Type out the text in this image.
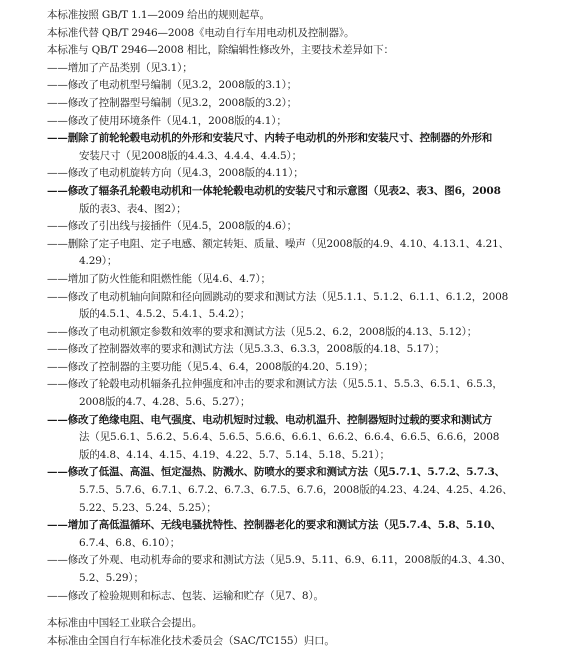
本标准按照 GB/T 1.1—2009 给出的规则起草。
本标准代替 QB/T 2946—2008《电动自行车用电动机及控制器》。
本标准与 QB/T 2946—2008 相比，除编辑性修改外，主要技术差异如下：
——增加了产品类别（见3.1）；
——修改了电动机型号编制（见3.2，2008版的3.1）；
——修改了控制器型号编制（见3.2，2008版的3.2）；
——修改了使用环境条件（见4.1，2008版的4.1）；
——删除了前轮轮毂电动机的外形和安装尺寸、内转子电动机的外形和安装尺寸、控制器的外形和
安装尺寸（见2008版的4.4.3、4.4.4、4.4.5）；
——修改了电动机旋转方向（见4.3，2008版的4.11）；
——修改了辐条孔轮毂电动机和一体轮轮毂电动机的安装尺寸和示意图（见表2、表3、图6，2008
版的表3、表4、图2）；
——修改了引出线与接插件（见4.5，2008版的4.6）；
——删除了定子电阻、定子电感、额定转矩、质量、噪声（见2008版的4.9、4.10、4.13.1、4.21、
4.29）；
——增加了防火性能和阻燃性能（见4.6、4.7）；
——修改了电动机轴向间隙和径向圆跳动的要求和测试方法（见5.1.1、5.1.2、6.1.1、6.1.2，2008
版的4.5.1、4.5.2、5.4.1、5.4.2）；
——修改了电动机额定参数和效率的要求和测试方法（见5.2、6.2，2008版的4.13、5.12）；
——修改了控制器效率的要求和测试方法（见5.3.3、6.3.3，2008版的4.18、5.17）；
——修改了控制器的主要功能（见5.4、6.4，2008版的4.20、5.19）；
——修改了轮毂电动机辐条孔拉伸强度和冲击的要求和测试方法（见5.5.1、5.5.3、6.5.1、6.5.3，
2008版的4.7、4.28、5.6、5.27）；
——修改了绝缘电阻、电气强度、电动机短时过载、电动机温升、控制器短时过载的要求和测试方
法（见5.6.1、5.6.2、5.6.4、5.6.5、5.6.6、6.6.1、6.6.2、6.6.4、6.6.5、6.6.6，2008
版的4.8、4.14、4.15、4.19、4.22、5.7、5.14、5.18、5.21）；
——修改了低温、高温、恒定湿热、防溅水、防喷水的要求和测试方法（见5.7.1、5.7.2、5.7.3、
5.7.5、5.7.6、6.7.1、6.7.2、6.7.3、6.7.5、6.7.6，2008版的4.23、4.24、4.25、4.26、
5.22、5.23、5.24、5.25）；
——增加了高低温循环、无线电骚扰特性、控制器老化的要求和测试方法（见5.7.4、5.8、5.10、
6.7.4、6.8、6.10）；
——修改了外观、电动机寿命的要求和测试方法（见5.9、5.11、6.9、6.11，2008版的4.3、4.30、
5.2、5.29）；
——修改了检验规则和标志、包装、运输和贮存（见7、8）。
本标准由中国轻工业联合会提出。
本标准由全国自行车标准化技术委员会（SAC/TC155）归口。
